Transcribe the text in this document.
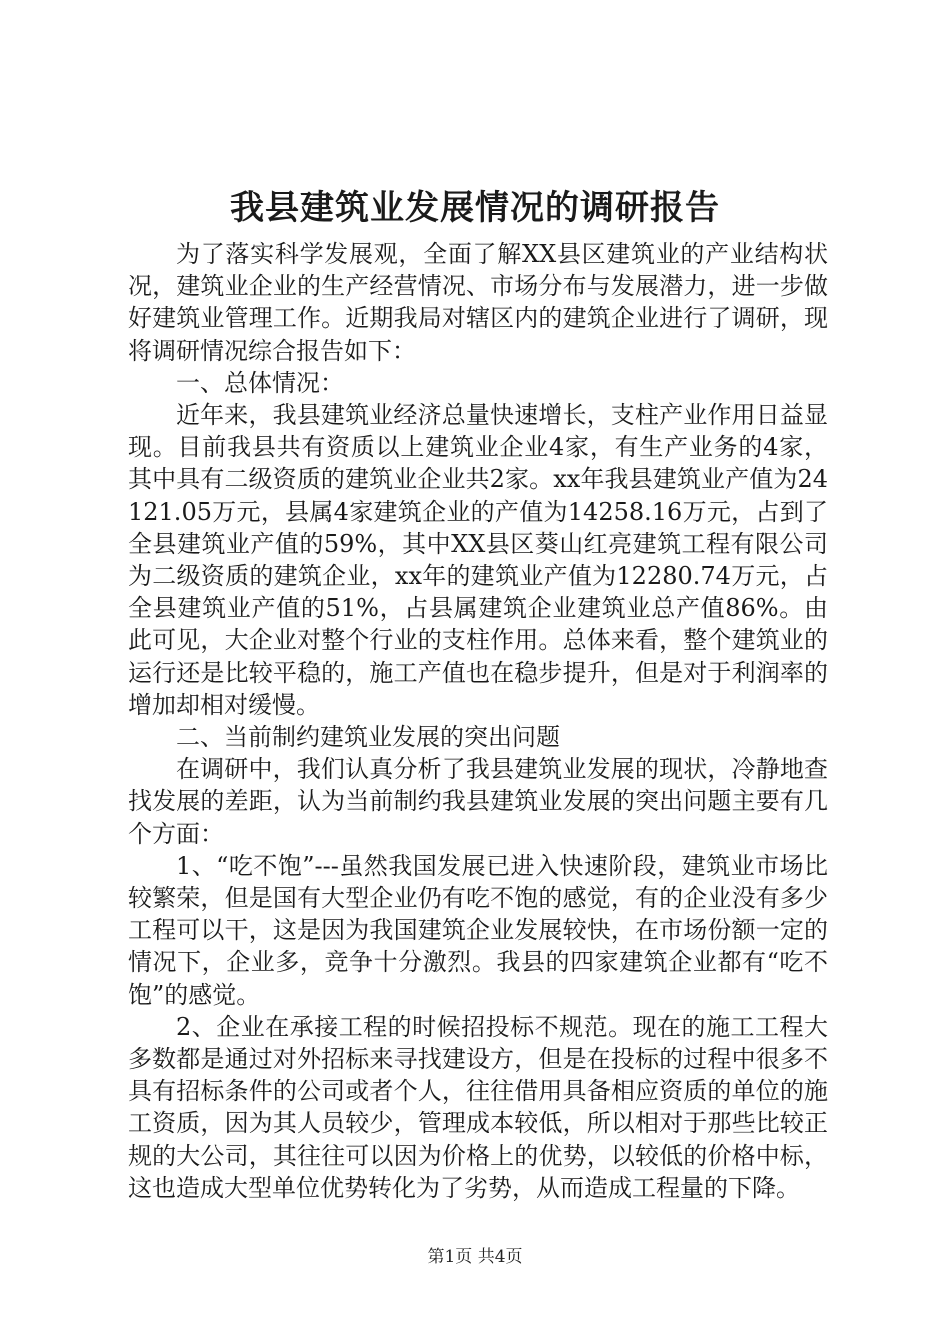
我县建筑业发展情况的调研报告

为了落实科学发展观，全面了解XX县区建筑业的产业结构状况，建筑业企业的生产经营情况、市场分布与发展潜力，进一步做好建筑业管理工作。近期我局对辖区内的建筑企业进行了调研，现将调研情况综合报告如下：

一、总体情况：

近年来，我县建筑业经济总量快速增长，支柱产业作用日益显现。目前我县共有资质以上建筑业企业4家，有生产业务的4家，其中具有二级资质的建筑业企业共2家。xx年我县建筑业产值为24121.05万元，县属4家建筑企业的产值为14258.16万元，占到了全县建筑业产值的59%，其中XX县区葵山红亮建筑工程有限公司为二级资质的建筑企业，xx年的建筑业产值为12280.74万元，占全县建筑业产值的51%，占县属建筑企业建筑业总产值86%。由此可见，大企业对整个行业的支柱作用。总体来看，整个建筑业的运行还是比较平稳的，施工产值也在稳步提升，但是对于利润率的增加却相对缓慢。

二、当前制约建筑业发展的突出问题

在调研中，我们认真分析了我县建筑业发展的现状，冷静地查找发展的差距，认为当前制约我县建筑业发展的突出问题主要有几个方面：

1、“吃不饱”---虽然我国发展已进入快速阶段，建筑业市场比较繁荣，但是国有大型企业仍有吃不饱的感觉，有的企业没有多少工程可以干，这是因为我国建筑企业发展较快，在市场份额一定的情况下，企业多，竞争十分激烈。我县的四家建筑企业都有“吃不饱”的感觉。

2、企业在承接工程的时候招投标不规范。现在的施工工程大多数都是通过对外招标来寻找建设方，但是在投标的过程中很多不具有招标条件的公司或者个人，往往借用具备相应资质的单位的施工资质，因为其人员较少，管理成本较低，所以相对于那些比较正规的大公司，其往往可以因为价格上的优势，以较低的价格中标，这也造成大型单位优势转化为了劣势，从而造成工程量的下降。

第1页 共4页
